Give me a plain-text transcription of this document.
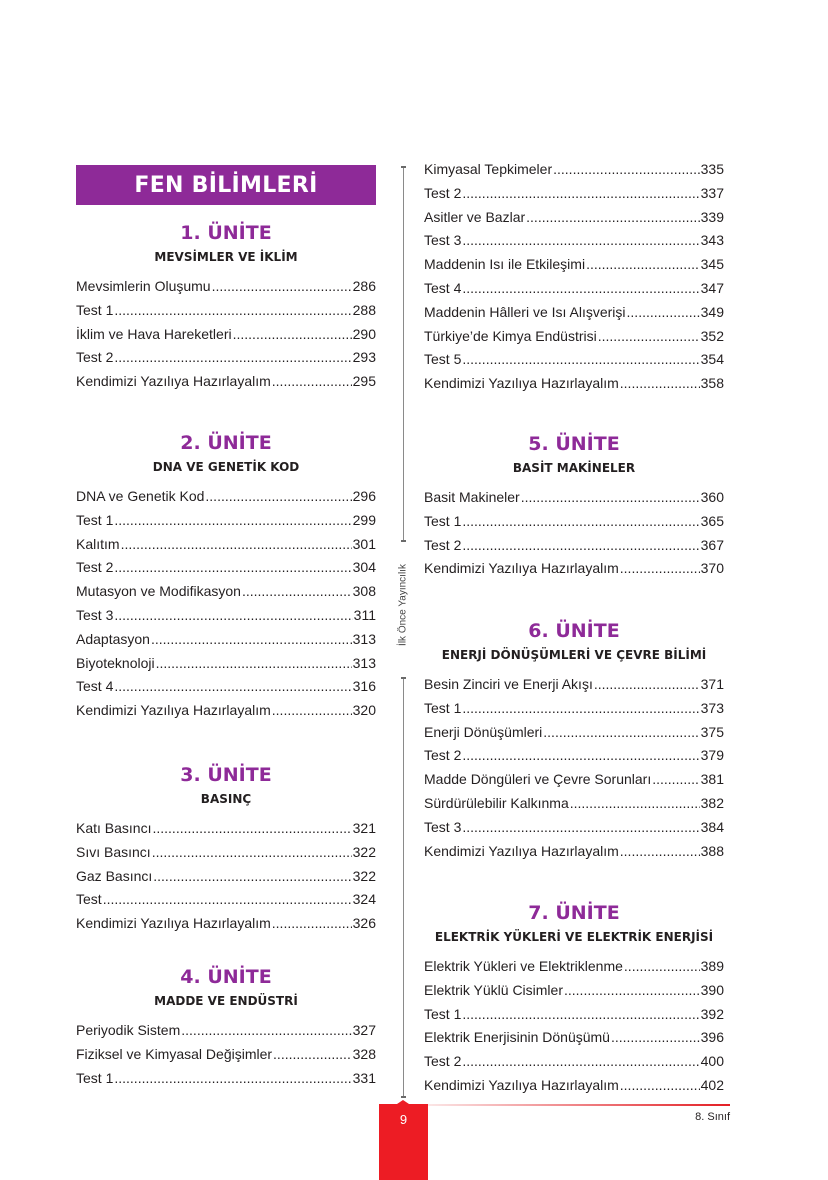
FEN BİLİMLERİ
1. ÜNİTE
MEVSİMLER VE İKLİM
Mevsimlerin Oluşumu .....	286
Test 1 .....	288
İklim ve Hava Hareketleri .....	290
Test 2 .....	293
Kendimizi Yazılıya Hazırlayalım .....	295
2. ÜNİTE
DNA VE GENETİK KOD
DNA ve Genetik Kod .....	296
Test 1 .....	299
Kalıtım .....	301
Test 2 .....	304
Mutasyon ve Modifikasyon .....	308
Test 3 .....	311
Adaptasyon .....	313
Biyoteknoloji .....	313
Test 4 .....	316
Kendimizi Yazılıya Hazırlayalım .....	320
3. ÜNİTE
BASINÇ
Katı Basıncı .....	321
Sıvı Basıncı .....	322
Gaz Basıncı .....	322
Test .....	324
Kendimizi Yazılıya Hazırlayalım .....	326
4. ÜNİTE
MADDE VE ENDÜSTRİ
Periyodik Sistem .....	327
Fiziksel ve Kimyasal Değişimler .....	328
Test 1 .....	331
İlk Önce Yayıncılık
Kimyasal Tepkimeler .....	335
Test 2 .....	337
Asitler ve Bazlar .....	339
Test 3 .....	343
Maddenin Isı ile Etkileşimi .....	345
Test 4 .....	347
Maddenin Hâlleri ve Isı Alışverişi .....	349
Türkiye’de Kimya Endüstrisi .....	352
Test 5 .....	354
Kendimizi Yazılıya Hazırlayalım .....	358
5. ÜNİTE
BASİT MAKİNELER
Basit Makineler .....	360
Test 1 .....	365
Test 2 .....	367
Kendimizi Yazılıya Hazırlayalım .....	370
6. ÜNİTE
ENERJİ DÖNÜŞÜMLERİ VE ÇEVRE BİLİMİ
Besin Zinciri ve Enerji Akışı .....	371
Test 1 .....	373
Enerji Dönüşümleri .....	375
Test 2 .....	379
Madde Döngüleri ve Çevre Sorunları .....	381
Sürdürülebilir Kalkınma .....	382
Test 3 .....	384
Kendimizi Yazılıya Hazırlayalım .....	388
7. ÜNİTE
ELEKTRİK YÜKLERİ VE ELEKTRİK ENERJİSİ
Elektrik Yükleri ve Elektriklenme .....	389
Elektrik Yüklü Cisimler .....	390
Test 1 .....	392
Elektrik Enerjisinin Dönüşümü .....	396
Test 2 .....	400
Kendimizi Yazılıya Hazırlayalım .....	402
9	8. Sınıf
